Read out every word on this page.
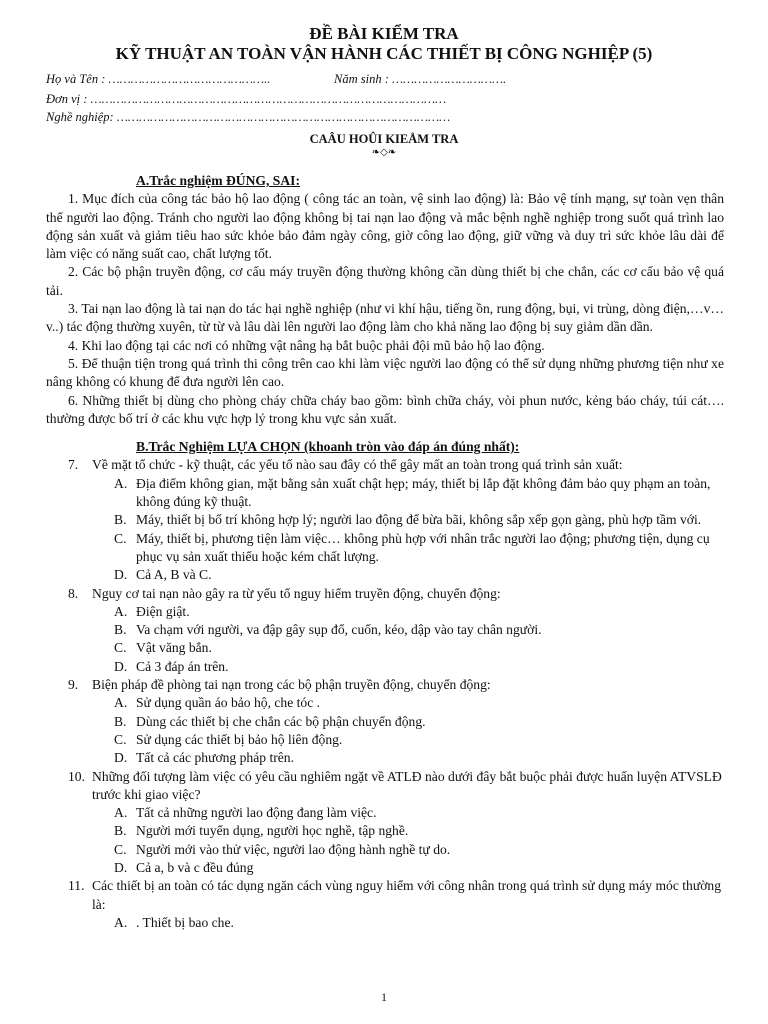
ĐỀ BÀI KIỂM TRA
KỸ THUẬT AN TOÀN VẬN HÀNH CÁC THIẾT BỊ CÔNG NGHIỆP (5)
Họ và Tên : ……………………………………..	Năm sinh : ………………………….
Đơn vị : ……………………………………………………………………………………
Nghề nghiệp: ………………………………………………………………………………
CAÂU HOÛI KIEÅM TRA
❧◇❧
A.Trắc nghiệm ĐÚNG, SAI:

1. Mục đích của công tác bảo hộ lao động ( công tác an toàn, vệ sinh lao động) là: Bảo vệ tính mạng, sự toàn vẹn thân thể người lao động. Tránh cho người lao động không bị tai nạn lao động và mắc bệnh nghề nghiệp trong suốt quá trình lao động sản xuất và giảm tiêu hao sức khỏe bảo đảm ngày công, giờ công lao động, giữ vững và duy trì sức khỏe lâu dài để làm việc có năng suất cao, chất lượng tốt.

2. Các bộ phận truyền động, cơ cấu máy truyền động thường không cần dùng thiết bị che chắn, các cơ cấu bảo vệ quá tải.

3. Tai nạn lao động là tai nạn do tác hại nghề nghiệp (như vi khí hậu, tiếng ồn, rung động, bụi, vi trùng, dòng điện,…v…v..) tác động thường xuyên, từ từ và lâu dài lên người lao động làm cho khả năng lao động bị suy giảm dần dần.

4. Khi lao động tại các nơi có những vật nâng hạ bắt buộc phải đội mũ bảo hộ lao động.

5. Để thuận tiện trong quá trình thi công trên cao khi làm việc người lao động có thể sử dụng những phương tiện như xe nâng không có khung để đưa người lên cao.

6. Những thiết bị dùng cho phòng cháy chữa cháy bao gồm: bình chữa cháy, vòi phun nước, kẻng báo cháy, túi cát…. thường được bố trí ở các khu vực hợp lý trong khu vực sản xuất.

B.Trắc Nghiệm LỰA CHỌN (khoanh tròn vào đáp án đúng nhất):
7.	Về mặt tổ chức - kỹ thuật, các yếu tố nào sau đây có thể gây mất an toàn trong quá trình sản xuất:
A. Địa điểm không gian, mặt bằng sản xuất chật hẹp; máy, thiết bị lắp đặt không đảm bảo quy phạm an toàn, không đúng kỹ thuật.
B. Máy, thiết bị bố trí không hợp lý; người lao động để bừa bãi, không sắp xếp gọn gàng, phù hợp tầm với.
C. Máy, thiết bị, phương tiện làm việc… không phù hợp với nhân trắc người lao động; phương tiện, dụng cụ phục vụ sản xuất thiếu hoặc kém chất lượng.
D. Cả A, B và C.
8.	Nguy cơ tai nạn nào gây ra từ yếu tố nguy hiểm truyền động, chuyển động:
A. Điện giật.
B. Va chạm với người, va đập gây sụp đổ, cuốn, kéo, dập vào tay chân người.
C. Vật văng bắn.
D. Cả 3 đáp án trên.
9.	Biện pháp đề phòng tai nạn trong các bộ phận truyền động, chuyển động:
A. Sử dụng quần áo bảo hộ, che tóc .
B. Dùng các thiết bị che chắn các bộ phận chuyển động.
C. Sử dụng các thiết bị bảo hộ liên động.
D. Tất cả các phương pháp trên.
10. Những đối tượng làm việc có yêu cầu nghiêm ngặt về ATLĐ nào dưới đây bắt buộc phải được huấn luyện ATVSLĐ trước khi giao việc?
A. Tất cả những người lao động đang làm việc.
B. Người mới tuyển dụng, người học nghề, tập nghề.
C. Người mới vào thử việc, người lao động hành nghề tự do.
D. Cả a, b và c đều đúng
11. Các thiết bị an toàn có tác dụng ngăn cách vùng nguy hiểm với công nhân trong quá trình sử dụng máy móc thường là:
A. . Thiết bị bao che.
1
